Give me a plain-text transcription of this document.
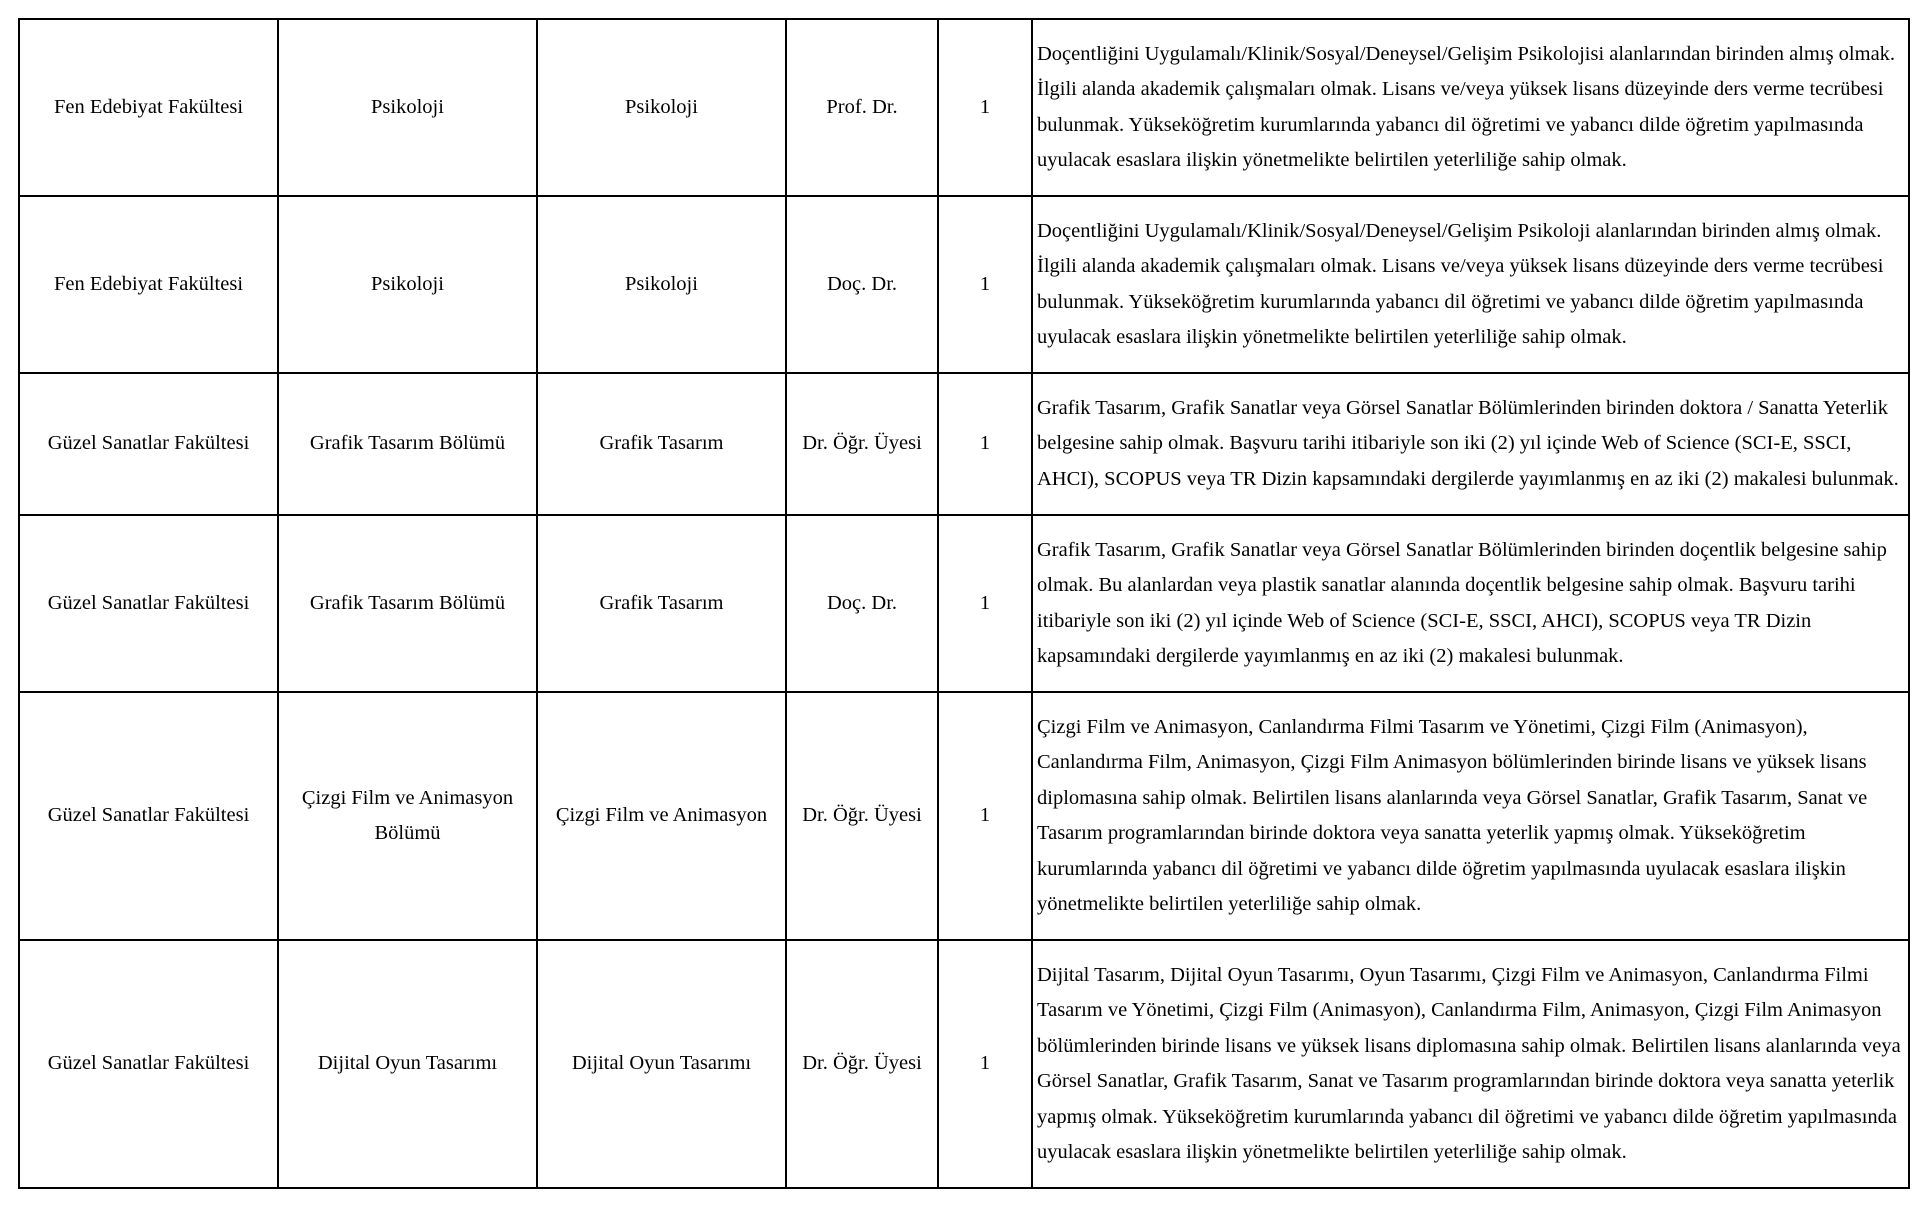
Fen Edebiyat Fakültesi	Psikoloji	Psikoloji	Prof. Dr.	1	Doçentliğini Uygulamalı/Klinik/Sosyal/Deneysel/Gelişim Psikolojisi alanlarından birinden almış olmak. İlgili alanda akademik çalışmaları olmak. Lisans ve/veya yüksek lisans düzeyinde ders verme tecrübesi bulunmak. Yükseköğretim kurumlarında yabancı dil öğretimi ve yabancı dilde öğretim yapılmasında uyulacak esaslara ilişkin yönetmelikte belirtilen yeterliliğe sahip olmak.
Fen Edebiyat Fakültesi	Psikoloji	Psikoloji	Doç. Dr.	1	Doçentliğini Uygulamalı/Klinik/Sosyal/Deneysel/Gelişim Psikoloji alanlarından birinden almış olmak. İlgili alanda akademik çalışmaları olmak. Lisans ve/veya yüksek lisans düzeyinde ders verme tecrübesi bulunmak. Yükseköğretim kurumlarında yabancı dil öğretimi ve yabancı dilde öğretim yapılmasında uyulacak esaslara ilişkin yönetmelikte belirtilen yeterliliğe sahip olmak.
Güzel Sanatlar Fakültesi	Grafik Tasarım Bölümü	Grafik Tasarım	Dr. Öğr. Üyesi	1	Grafik Tasarım, Grafik Sanatlar veya Görsel Sanatlar Bölümlerinden birinden doktora / Sanatta Yeterlik belgesine sahip olmak. Başvuru tarihi itibariyle son iki (2) yıl içinde Web of Science (SCI-E, SSCI, AHCI), SCOPUS veya TR Dizin kapsamındaki dergilerde yayımlanmış en az iki (2) makalesi bulunmak.
Güzel Sanatlar Fakültesi	Grafik Tasarım Bölümü	Grafik Tasarım	Doç. Dr.	1	Grafik Tasarım, Grafik Sanatlar veya Görsel Sanatlar Bölümlerinden birinden doçentlik belgesine sahip olmak. Bu alanlardan veya plastik sanatlar alanında doçentlik belgesine sahip olmak. Başvuru tarihi itibariyle son iki (2) yıl içinde Web of Science (SCI-E, SSCI, AHCI), SCOPUS veya TR Dizin kapsamındaki dergilerde yayımlanmış en az iki (2) makalesi bulunmak.
Güzel Sanatlar Fakültesi	Çizgi Film ve Animasyon Bölümü	Çizgi Film ve Animasyon	Dr. Öğr. Üyesi	1	Çizgi Film ve Animasyon, Canlandırma Filmi Tasarım ve Yönetimi, Çizgi Film (Animasyon), Canlandırma Film, Animasyon, Çizgi Film Animasyon bölümlerinden birinde lisans ve yüksek lisans diplomasına sahip olmak. Belirtilen lisans alanlarında veya Görsel Sanatlar, Grafik Tasarım, Sanat ve Tasarım programlarından birinde doktora veya sanatta yeterlik yapmış olmak. Yükseköğretim kurumlarında yabancı dil öğretimi ve yabancı dilde öğretim yapılmasında uyulacak esaslara ilişkin yönetmelikte belirtilen yeterliliğe sahip olmak.
Güzel Sanatlar Fakültesi	Dijital Oyun Tasarımı	Dijital Oyun Tasarımı	Dr. Öğr. Üyesi	1	Dijital Tasarım, Dijital Oyun Tasarımı, Oyun Tasarımı, Çizgi Film ve Animasyon, Canlandırma Filmi Tasarım ve Yönetimi, Çizgi Film (Animasyon), Canlandırma Film, Animasyon, Çizgi Film Animasyon bölümlerinden birinde lisans ve yüksek lisans diplomasına sahip olmak. Belirtilen lisans alanlarında veya Görsel Sanatlar, Grafik Tasarım, Sanat ve Tasarım programlarından birinde doktora veya sanatta yeterlik yapmış olmak. Yükseköğretim kurumlarında yabancı dil öğretimi ve yabancı dilde öğretim yapılmasında uyulacak esaslara ilişkin yönetmelikte belirtilen yeterliliğe sahip olmak.
